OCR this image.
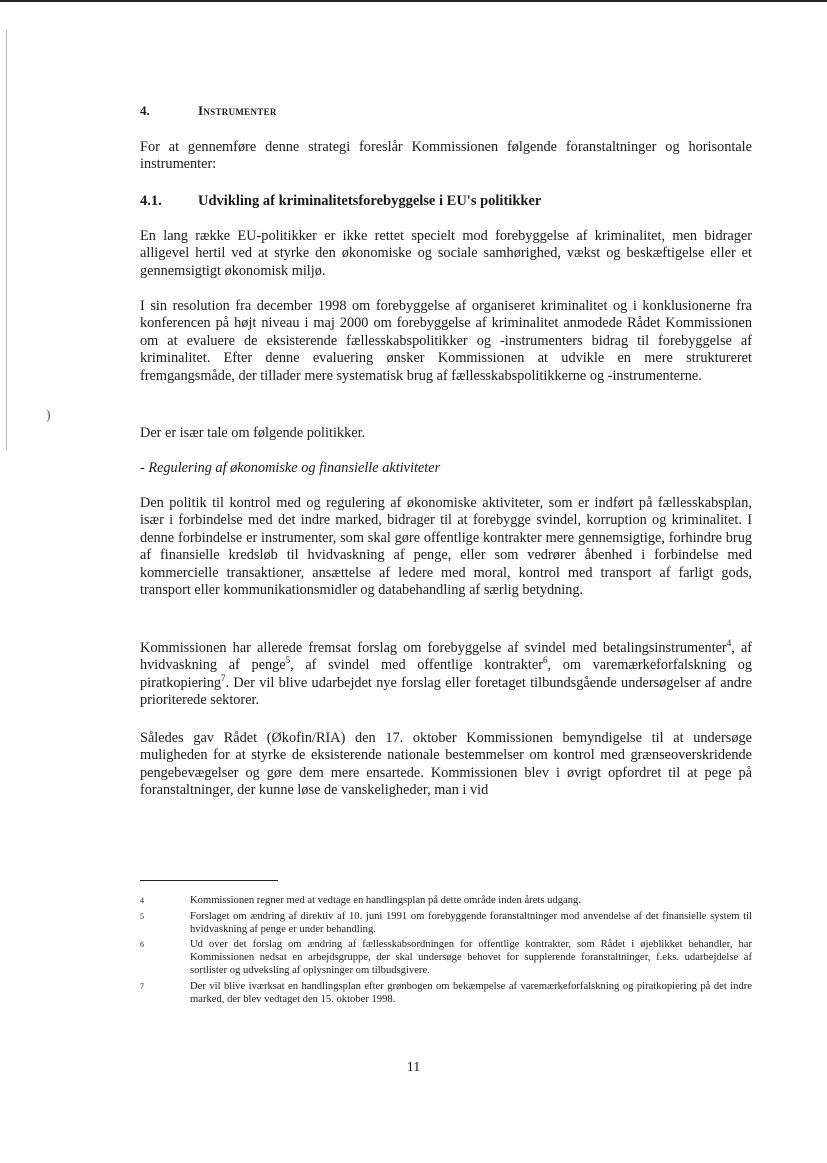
)
4.	Instrumenter

For at gennemføre denne strategi foreslår Kommissionen følgende foranstaltninger og horisontale instrumenter:

4.1.	Udvikling af kriminalitetsforebyggelse i EU's politikker

En lang række EU-politikker er ikke rettet specielt mod forebyggelse af kriminalitet, men bidrager alligevel hertil ved at styrke den økonomiske og sociale samhørighed, vækst og beskæftigelse eller et gennemsigtigt økonomisk miljø.

I sin resolution fra december 1998 om forebyggelse af organiseret kriminalitet og i konklusionerne fra konferencen på højt niveau i maj 2000 om forebyggelse af kriminalitet anmodede Rådet Kommissionen om at evaluere de eksisterende fællesskabspolitikker og -instrumenters bidrag til forebyggelse af kriminalitet. Efter denne evaluering ønsker Kommissionen at udvikle en mere struktureret fremgangsmåde, der tillader mere systematisk brug af fællesskabspolitikkerne og -instrumenterne.

Der er især tale om følgende politikker.

- Regulering af økonomiske og finansielle aktiviteter

Den politik til kontrol med og regulering af økonomiske aktiviteter, som er indført på fællesskabsplan, især i forbindelse med det indre marked, bidrager til at forebygge svindel, korruption og kriminalitet. I denne forbindelse er instrumenter, som skal gøre offentlige kontrakter mere gennemsigtige, forhindre brug af finansielle kredsløb til hvidvaskning af penge, eller som vedrører åbenhed i forbindelse med kommercielle transaktioner, ansættelse af ledere med moral, kontrol med transport af farligt gods, transport eller kommunikationsmidler og databehandling af særlig betydning.

Kommissionen har allerede fremsat forslag om forebyggelse af svindel med betalingsinstrumenter$^4$, af hvidvaskning af penge$^5$, af svindel med offentlige kontrakter$^6$, om varemærkeforfalskning og piratkopiering$^7$. Der vil blive udarbejdet nye forslag eller foretaget tilbundsgående undersøgelser af andre prioriterede sektorer.

Således gav Rådet (Økofin/RIA) den 17. oktober Kommissionen bemyndigelse til at undersøge muligheden for at styrke de eksisterende nationale bestemmelser om kontrol med grænseoverskridende pengebevægelser og gøre dem mere ensartede. Kommissionen blev i øvrigt opfordret til at pege på foranstaltninger, der kunne løse de vanskeligheder, man i vid

4	Kommissionen regner med at vedtage en handlingsplan på dette område inden årets udgang.
5	Forslaget om ændring af direktiv af 10. juni 1991 om forebyggende foranstaltninger mod anvendelse af det finansielle system til hvidvaskning af penge er under behandling.
6	Ud over det forslag om ændring af fællesskabsordningen for offentlige kontrakter, som Rådet i øjeblikket behandler, har Kommissionen nedsat en arbejdsgruppe, der skal undersøge behovet for supplerende foranstaltninger, f.eks. udarbejdelse af sortlister og udveksling af oplysninger om tilbudsgivere.
7	Der vil blive iværksat en handlingsplan efter grønbogen om bekæmpelse af varemærkeforfalskning og piratkopiering på det indre marked, der blev vedtaget den 15. oktober 1998.
11
